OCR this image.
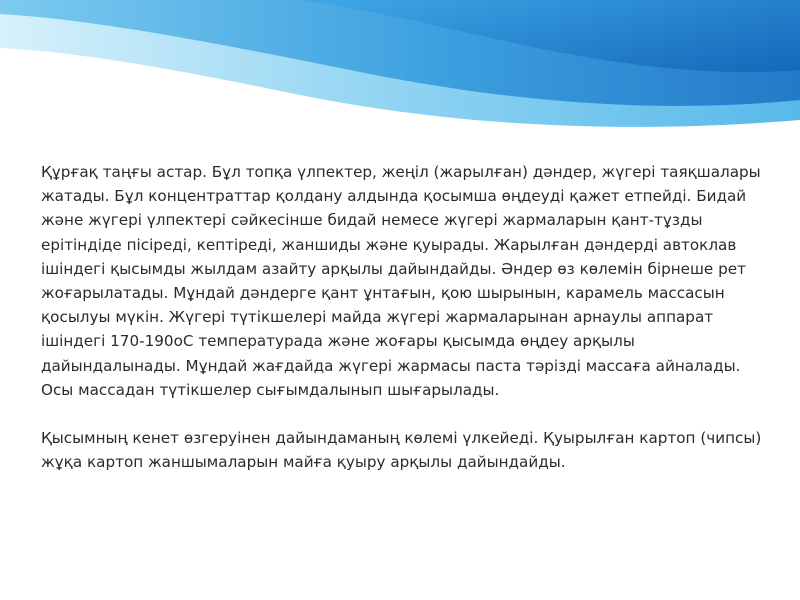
Құрғақ таңғы астар. Бұл топқа үлпектер, жеңіл (жарылған) дәндер, жүгері таяқшалары жатады. Бұл концентраттар қолдану алдында қосымша өңдеуді қажет етпейді. Бидай және жүгері үлпектері сәйкесінше бидай немесе жүгері жармаларын қант-тұзды ерітіндіде пісіреді, кептіреді, жаншиды және қуырады. Жарылған дәндерді автоклав ішіндегі қысымды жылдам азайту арқылы дайындайды. Әндер өз көлемін бірнеше рет жоғарылатады. Мұндай дәндерге қант ұнтағын, қою шырынын, карамель массасын қосылуы мүкін. Жүгері түтікшелері майда жүгері жармаларынан арнаулы аппарат ішіндегі 170-190оС температурада және жоғары қысымда өңдеу арқылы дайындалынады. Мұндай жағдайда жүгері жармасы паста тәрізді массаға айналады. Осы массадан түтікшелер сығымдалынып шығарылады.

Қысымның кенет өзгеруінен дайындаманың көлемі үлкейеді. Қуырылған картоп (чипсы) жұқа картоп жаншымаларын майға қуыру арқылы дайындайды.
